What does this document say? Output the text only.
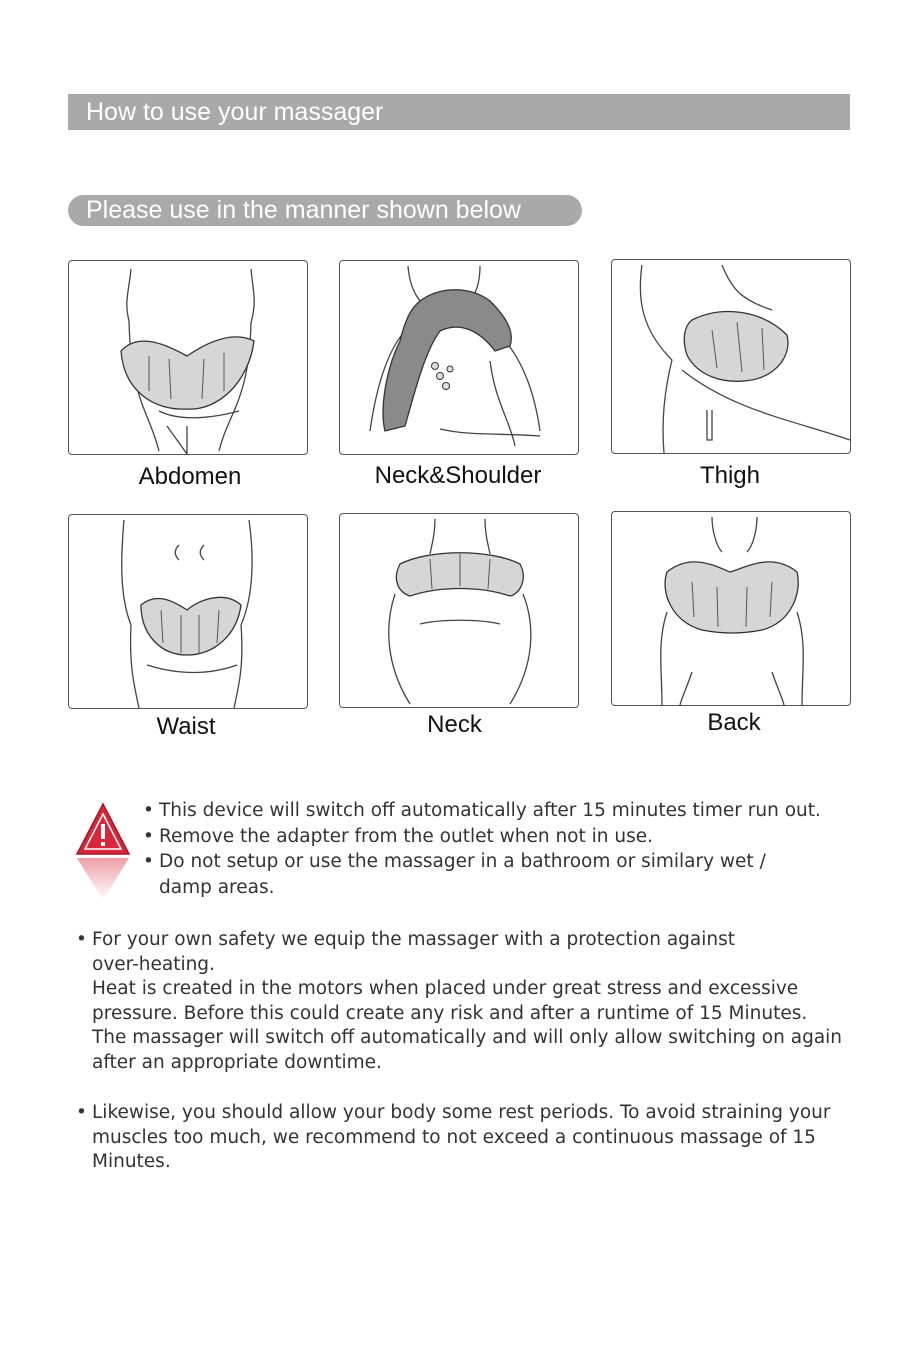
How to use your massager
Please use in the manner shown below
Abdomen	Neck&Shoulder	Thigh
Waist	Neck	Back
• This device will switch off automatically after 15 minutes timer run out.
• Remove the adapter from the outlet when not in use.
• Do not setup or use the massager in a bathroom or similary wet /
damp areas.
• For your own safety we equip the massager with a protection against
over-heating.
Heat is created in the motors when placed under great stress and excessive
pressure. Before this could create any risk and after a runtime of 15 Minutes.
The massager will switch off automatically and will only allow switching on again
after an appropriate downtime.
• Likewise, you should allow your body some rest periods. To avoid straining your
muscles too much, we recommend to not exceed a continuous massage of 15
Minutes.
